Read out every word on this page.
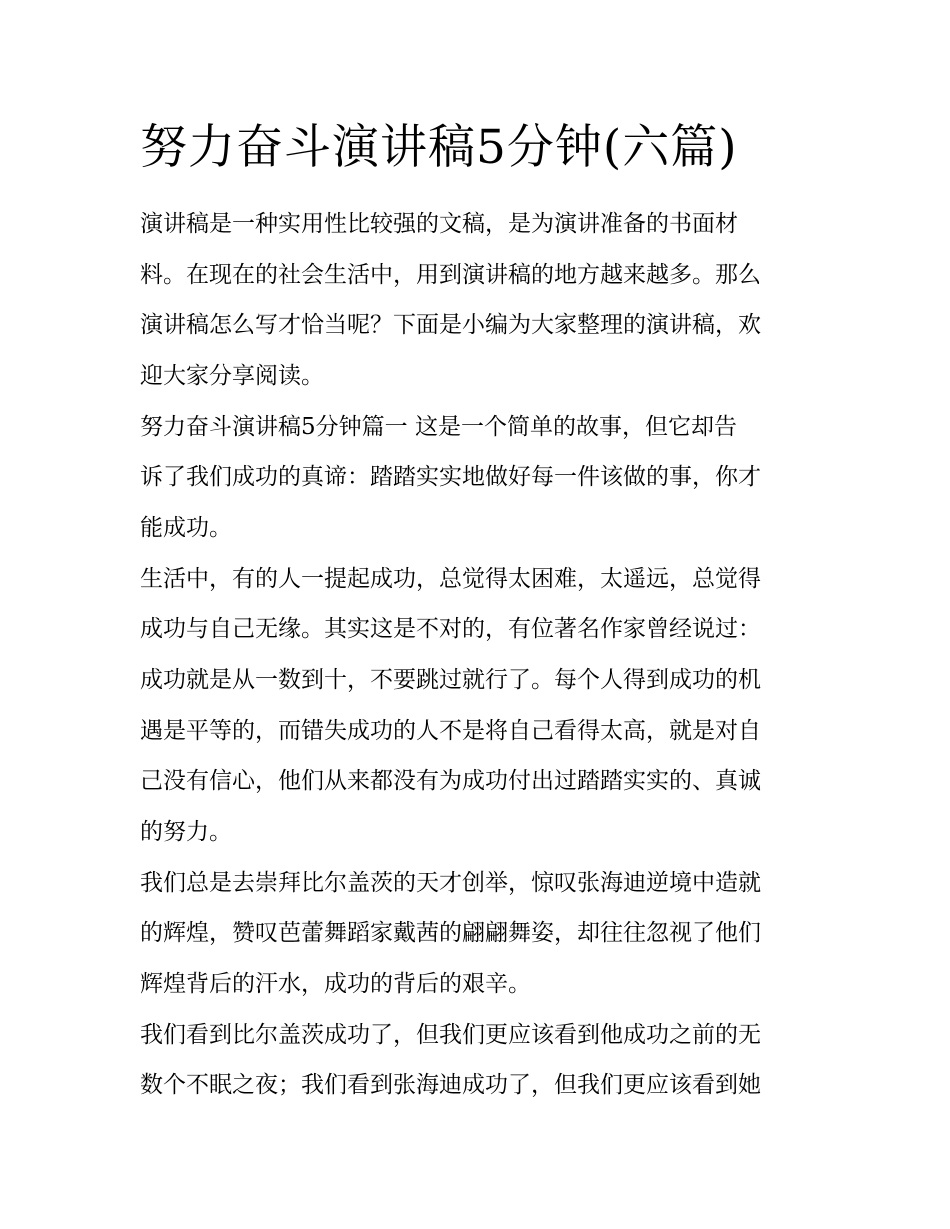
努力奋斗演讲稿5分钟(六篇)

演讲稿是一种实用性比较强的文稿，是为演讲准备的书面材

料。在现在的社会生活中，用到演讲稿的地方越来越多。那么

演讲稿怎么写才恰当呢？下面是小编为大家整理的演讲稿，欢

迎大家分享阅读。

努力奋斗演讲稿5分钟篇一 这是一个简单的故事，但它却告

诉了我们成功的真谛：踏踏实实地做好每一件该做的事，你才

能成功。

生活中，有的人一提起成功，总觉得太困难，太遥远，总觉得

成功与自己无缘。其实这是不对的，有位著名作家曾经说过：

成功就是从一数到十，不要跳过就行了。每个人得到成功的机

遇是平等的，而错失成功的人不是将自己看得太高，就是对自

己没有信心，他们从来都没有为成功付出过踏踏实实的、真诚

的努力。

我们总是去崇拜比尔盖茨的天才创举，惊叹张海迪逆境中造就

的辉煌，赞叹芭蕾舞蹈家戴茜的翩翩舞姿，却往往忽视了他们

辉煌背后的汗水，成功的背后的艰辛。

我们看到比尔盖茨成功了，但我们更应该看到他成功之前的无

数个不眠之夜；我们看到张海迪成功了，但我们更应该看到她
